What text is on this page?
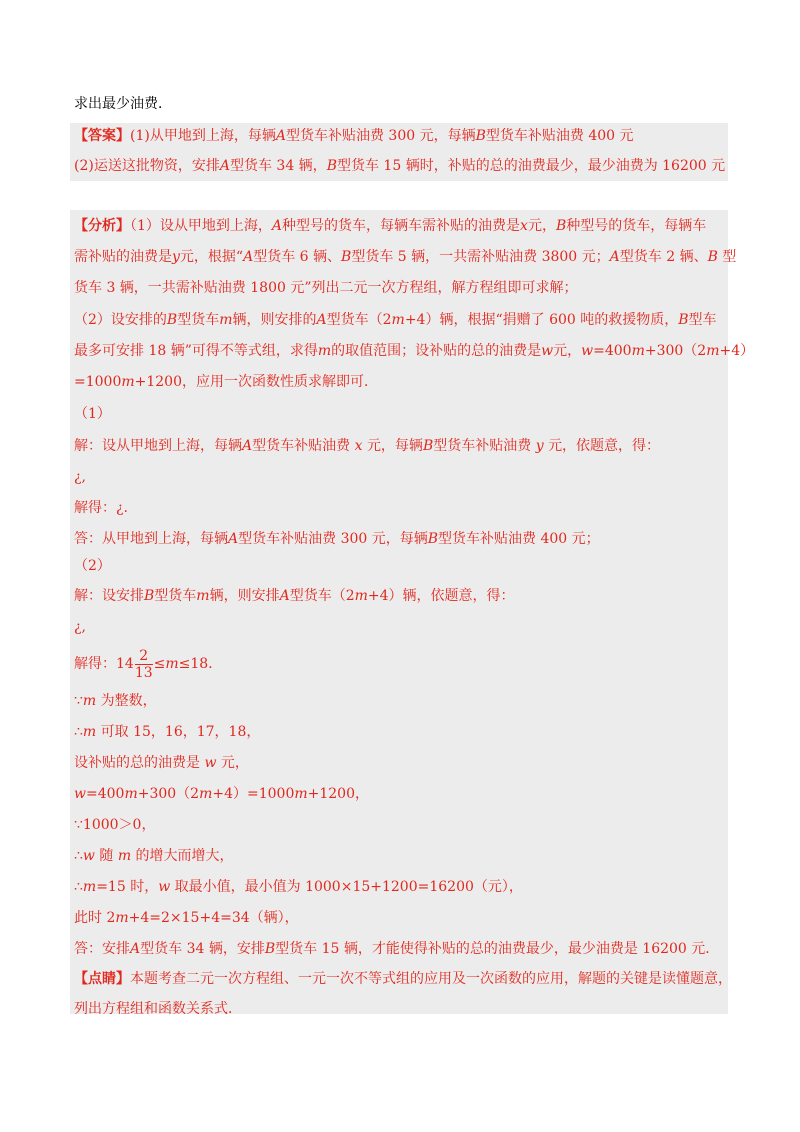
求出最少油费．
【答案】(1)从甲地到上海，每辆A型货车补贴油费 300 元，每辆B型货车补贴油费 400 元
(2)运送这批物资，安排A型货车 34 辆，B型货车 15 辆时，补贴的总的油费最少，最少油费为 16200 元
【分析】（1）设从甲地到上海，A种型号的货车，每辆车需补贴的油费是x元，B种型号的货车，每辆车
需补贴的油费是y元，根据“A型货车 6 辆、B型货车 5 辆，一共需补贴油费 3800 元；A型货车 2 辆、B 型
货车 3 辆，一共需补贴油费 1800 元”列出二元一次方程组，解方程组即可求解；
（2）设安排的B型货车m辆，则安排的A型货车（2m+4）辆，根据“捐赠了 600 吨的救援物质，B型车
最多可安排 18 辆”可得不等式组，求得m的取值范围；设补贴的总的油费是w元，w=400m+300（2m+4）
=1000m+1200，应用一次函数性质求解即可．
（1）
解：设从甲地到上海，每辆A型货车补贴油费 x 元，每辆B型货车补贴油费 y 元，依题意，得：
¿,
解得：¿.
答：从甲地到上海，每辆A型货车补贴油费 300 元，每辆B型货车补贴油费 400 元；
（2）
解：设安排B型货车m辆，则安排A型货车（2m+4）辆，依题意，得：
¿,
解得：$14 \frac{2}{13} \le m\le 18$．
∵m 为整数，
∴m 可取 15，16，17，18，
设补贴的总的油费是 w 元，
w=400m+300（2m+4）=1000m+1200，
∵1000＞0，
∴w 随 m 的增大而增大，
∴m=15 时，w 取最小值，最小值为 1000×15+1200=16200（元），
此时 2m+4=2×15+4=34（辆），
答：安排A型货车 34 辆，安排B型货车 15 辆，才能使得补贴的总的油费最少，最少油费是 16200 元．
【点睛】本题考查二元一次方程组、一元一次不等式组的应用及一次函数的应用，解题的关键是读懂题意，
列出方程组和函数关系式．
